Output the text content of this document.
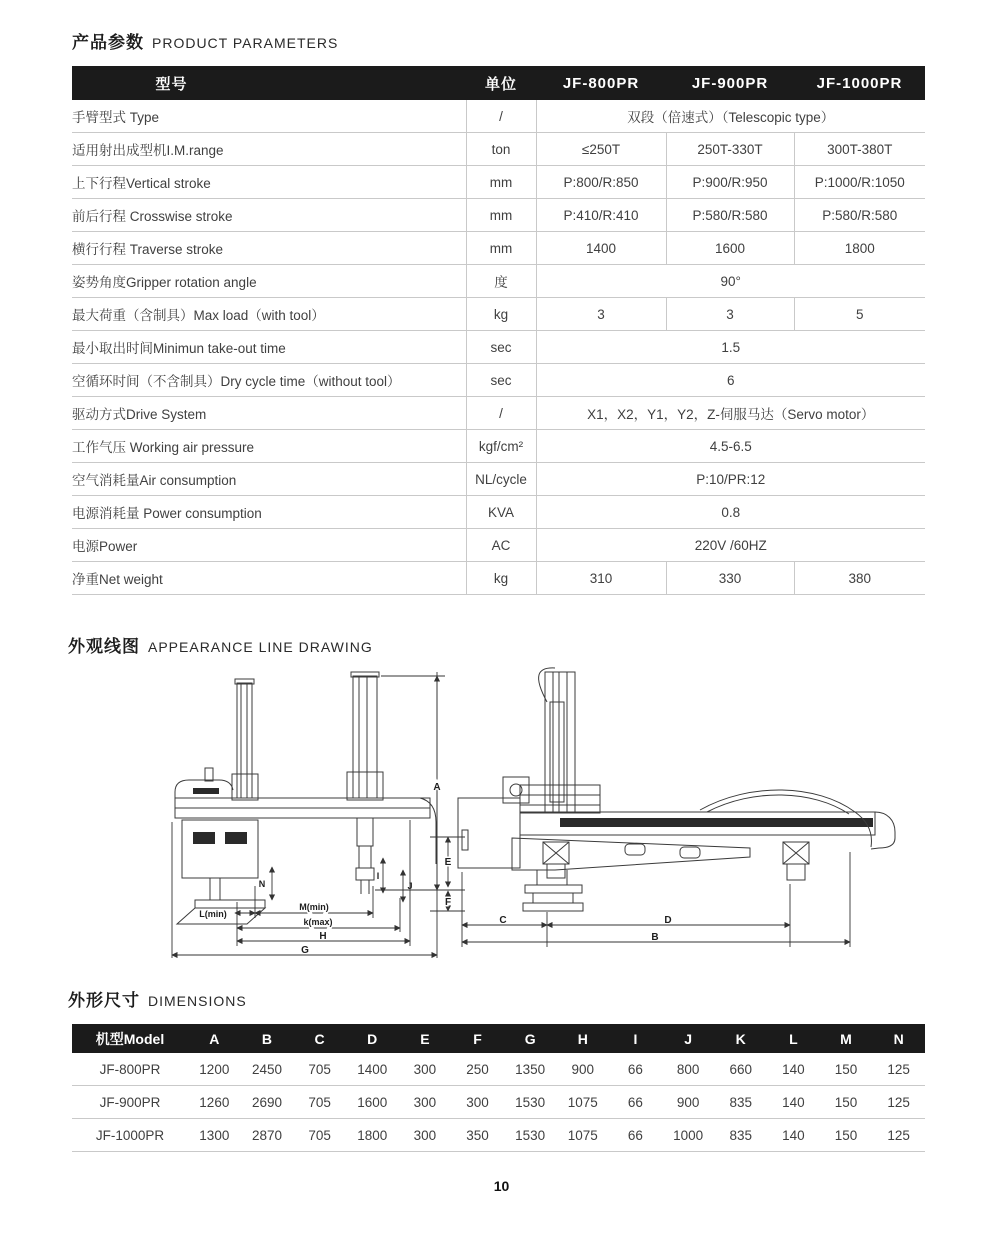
产品参数 PRODUCT PARAMETERS
型号	单位	JF-800PR	JF-900PR	JF-1000PR
手臂型式 Type	/	双段（倍速式）（Telescopic type）		
适用射出成型机I.M.range	ton	≤250T	250T-330T	300T-380T
上下行程Vertical stroke	mm	P:800/R:850	P:900/R:950	P:1000/R:1050
前后行程 Crosswise stroke	mm	P:410/R:410	P:580/R:580	P:580/R:580
横行行程 Traverse stroke	mm	1400	1600	1800
姿势角度Gripper rotation angle	度	90°		
最大荷重（含制具）Max load（with tool）	kg	3	3	5
最小取出时间Minimun take-out time	sec	1.5		
空循环时间（不含制具）Dry cycle time（without tool）	sec	6		
驱动方式Drive System	/	X1，X2，Y1，Y2，Z-伺服马达（Servo motor）		
工作气压 Working air pressure	kgf/cm²	4.5-6.5		
空气消耗量Air consumption	NL/cycle	P:10/PR:12		
电源消耗量 Power consumption	KVA	0.8		
电源Power	AC	220V /60HZ		
净重Net weight	kg	310	330	380
外观线图 APPEARANCE LINE DRAWING
N
I
J
L(min)
M(min)
k(max)
H
G
A
E
F
C	D
B
外形尺寸 DIMENSIONS
机型Model	A	B	C	D	E	F	G	H	I	J	K	L	M	N
JF-800PR	1200	2450	705	1400	300	250	1350	900	66	800	660	140	150	125
JF-900PR	1260	2690	705	1600	300	300	1530	1075	66	900	835	140	150	125
JF-1000PR	1300	2870	705	1800	300	350	1530	1075	66	1000	835	140	150	125
10
